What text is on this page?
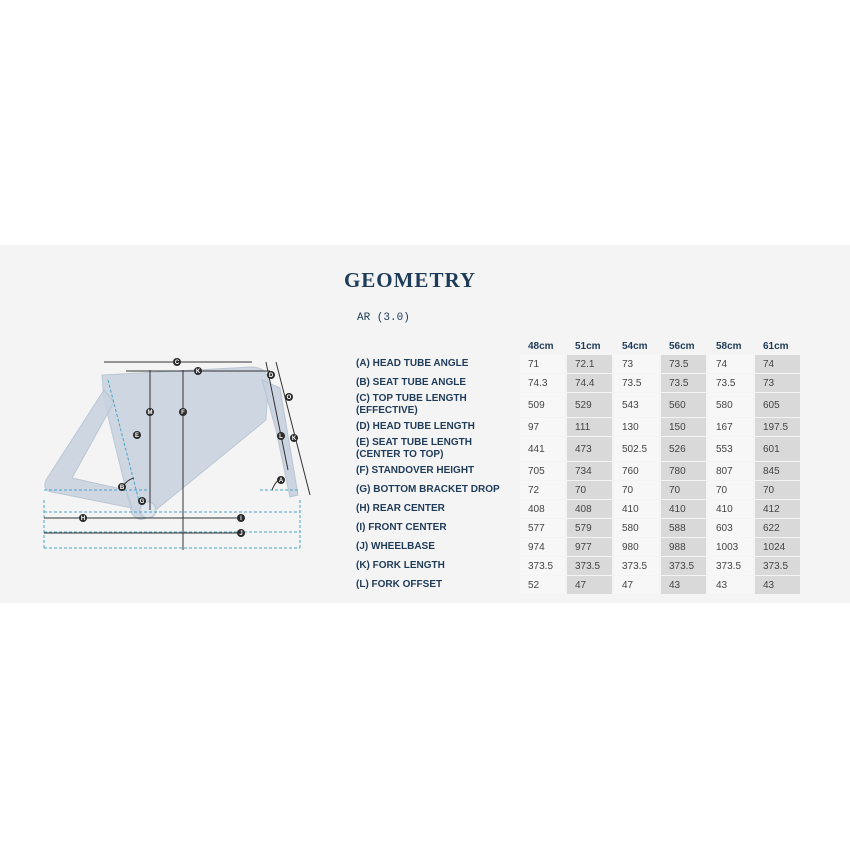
GEOMETRY
AR (3.0)
C
K
M	F
E
B
G
D
O
L K
A
H	I
J
	48cm	51cm	54cm	56cm	58cm	61cm
(A) HEAD TUBE ANGLE	71	72.1	73	73.5	74	74
(B) SEAT TUBE ANGLE	74.3	74.4	73.5	73.5	73.5	73
(C) TOP TUBE LENGTH (EFFECTIVE)	509	529	543	560	580	605
(D) HEAD TUBE LENGTH	97	111	130	150	167	197.5
(E) SEAT TUBE LENGTH (CENTER TO TOP)	441	473	502.5	526	553	601
(F) STANDOVER HEIGHT	705	734	760	780	807	845
(G) BOTTOM BRACKET DROP	72	70	70	70	70	70
(H) REAR CENTER	408	408	410	410	410	412
(I) FRONT CENTER	577	579	580	588	603	622
(J) WHEELBASE	974	977	980	988	1003	1024
(K) FORK LENGTH	373.5	373.5	373.5	373.5	373.5	373.5
(L) FORK OFFSET	52	47	47	43	43	43
